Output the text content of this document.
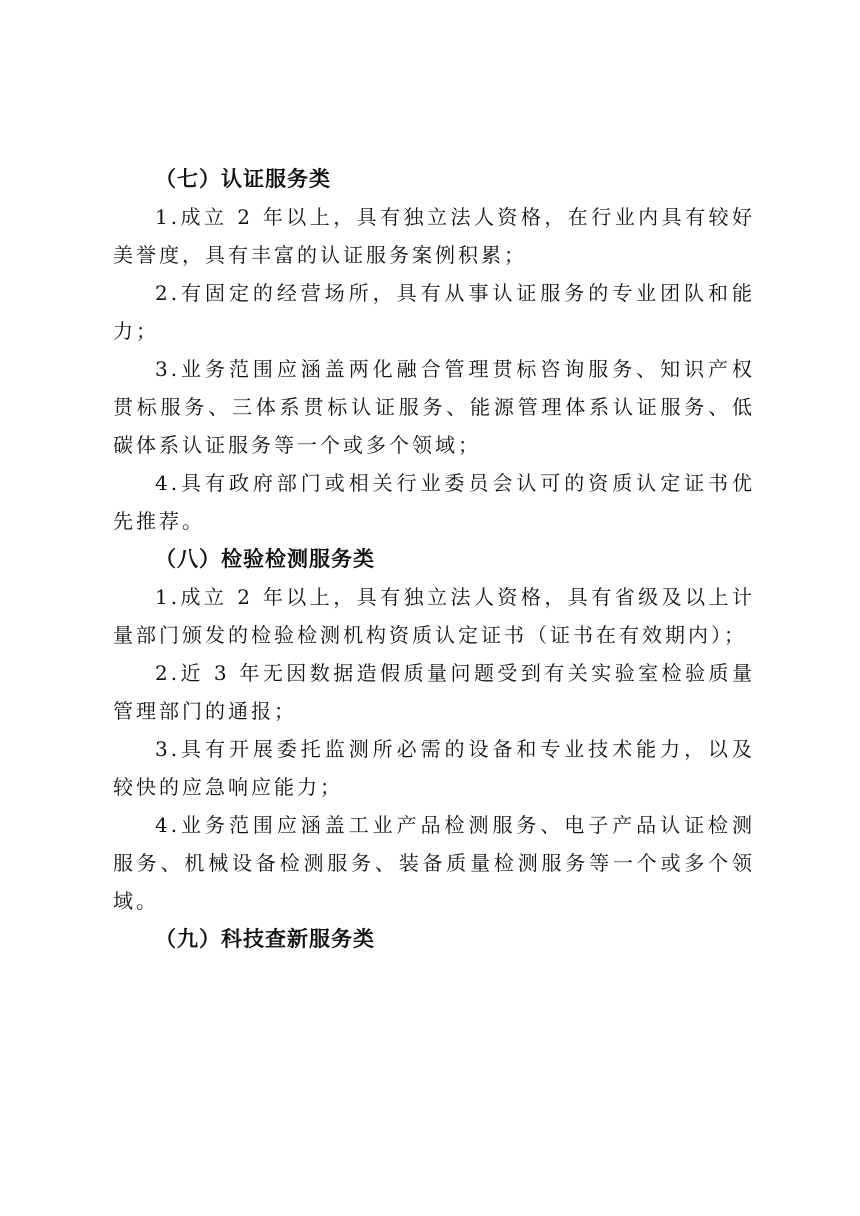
（七）认证服务类

1.成立 2 年以上，具有独立法人资格，在行业内具有较好美誉度，具有丰富的认证服务案例积累；

2.有固定的经营场所，具有从事认证服务的专业团队和能力；

3.业务范围应涵盖两化融合管理贯标咨询服务、知识产权贯标服务、三体系贯标认证服务、能源管理体系认证服务、低碳体系认证服务等一个或多个领域；

4.具有政府部门或相关行业委员会认可的资质认定证书优先推荐。

（八）检验检测服务类

1.成立 2 年以上，具有独立法人资格，具有省级及以上计量部门颁发的检验检测机构资质认定证书（证书在有效期内）；

2.近 3 年无因数据造假质量问题受到有关实验室检验质量管理部门的通报；

3.具有开展委托监测所必需的设备和专业技术能力，以及较快的应急响应能力；

4.业务范围应涵盖工业产品检测服务、电子产品认证检测服务、机械设备检测服务、装备质量检测服务等一个或多个领域。

（九）科技查新服务类
